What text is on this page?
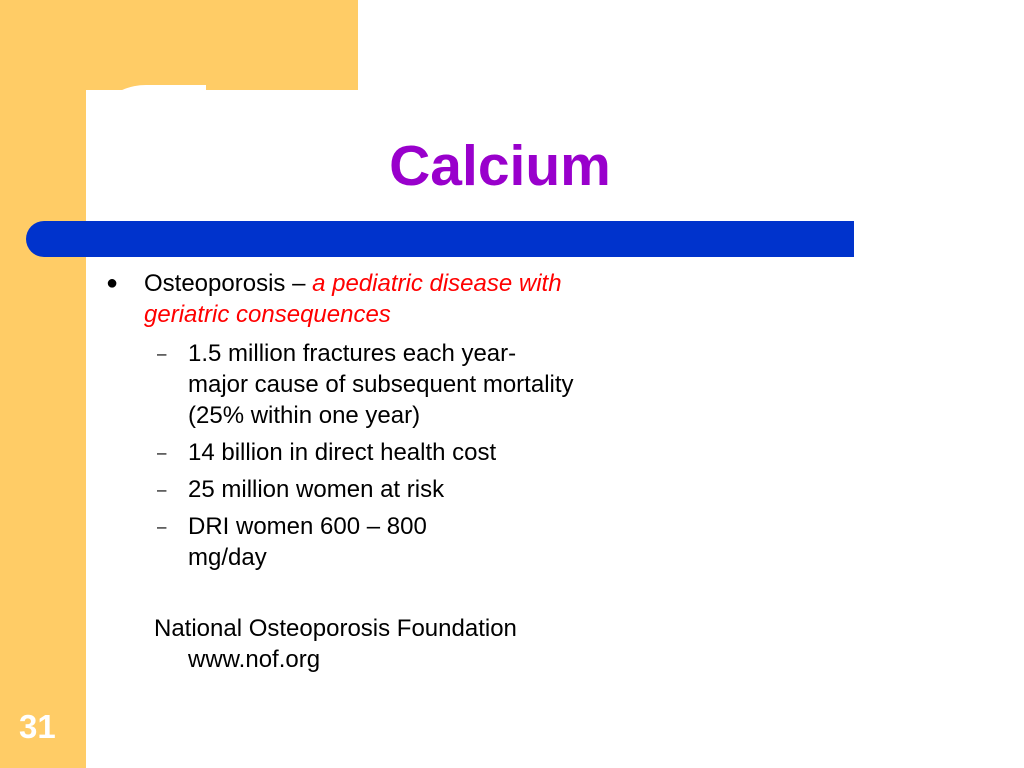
Calcium

● Osteoporosis – a pediatric disease with geriatric consequences

– 1.5 million fractures each year- major cause of subsequent mortality (25% within one year)

– 14 billion in direct health cost

– 25 million women at risk

– DRI women 600 – 800 mg/day

National Osteoporosis Foundation www.nof.org

31
